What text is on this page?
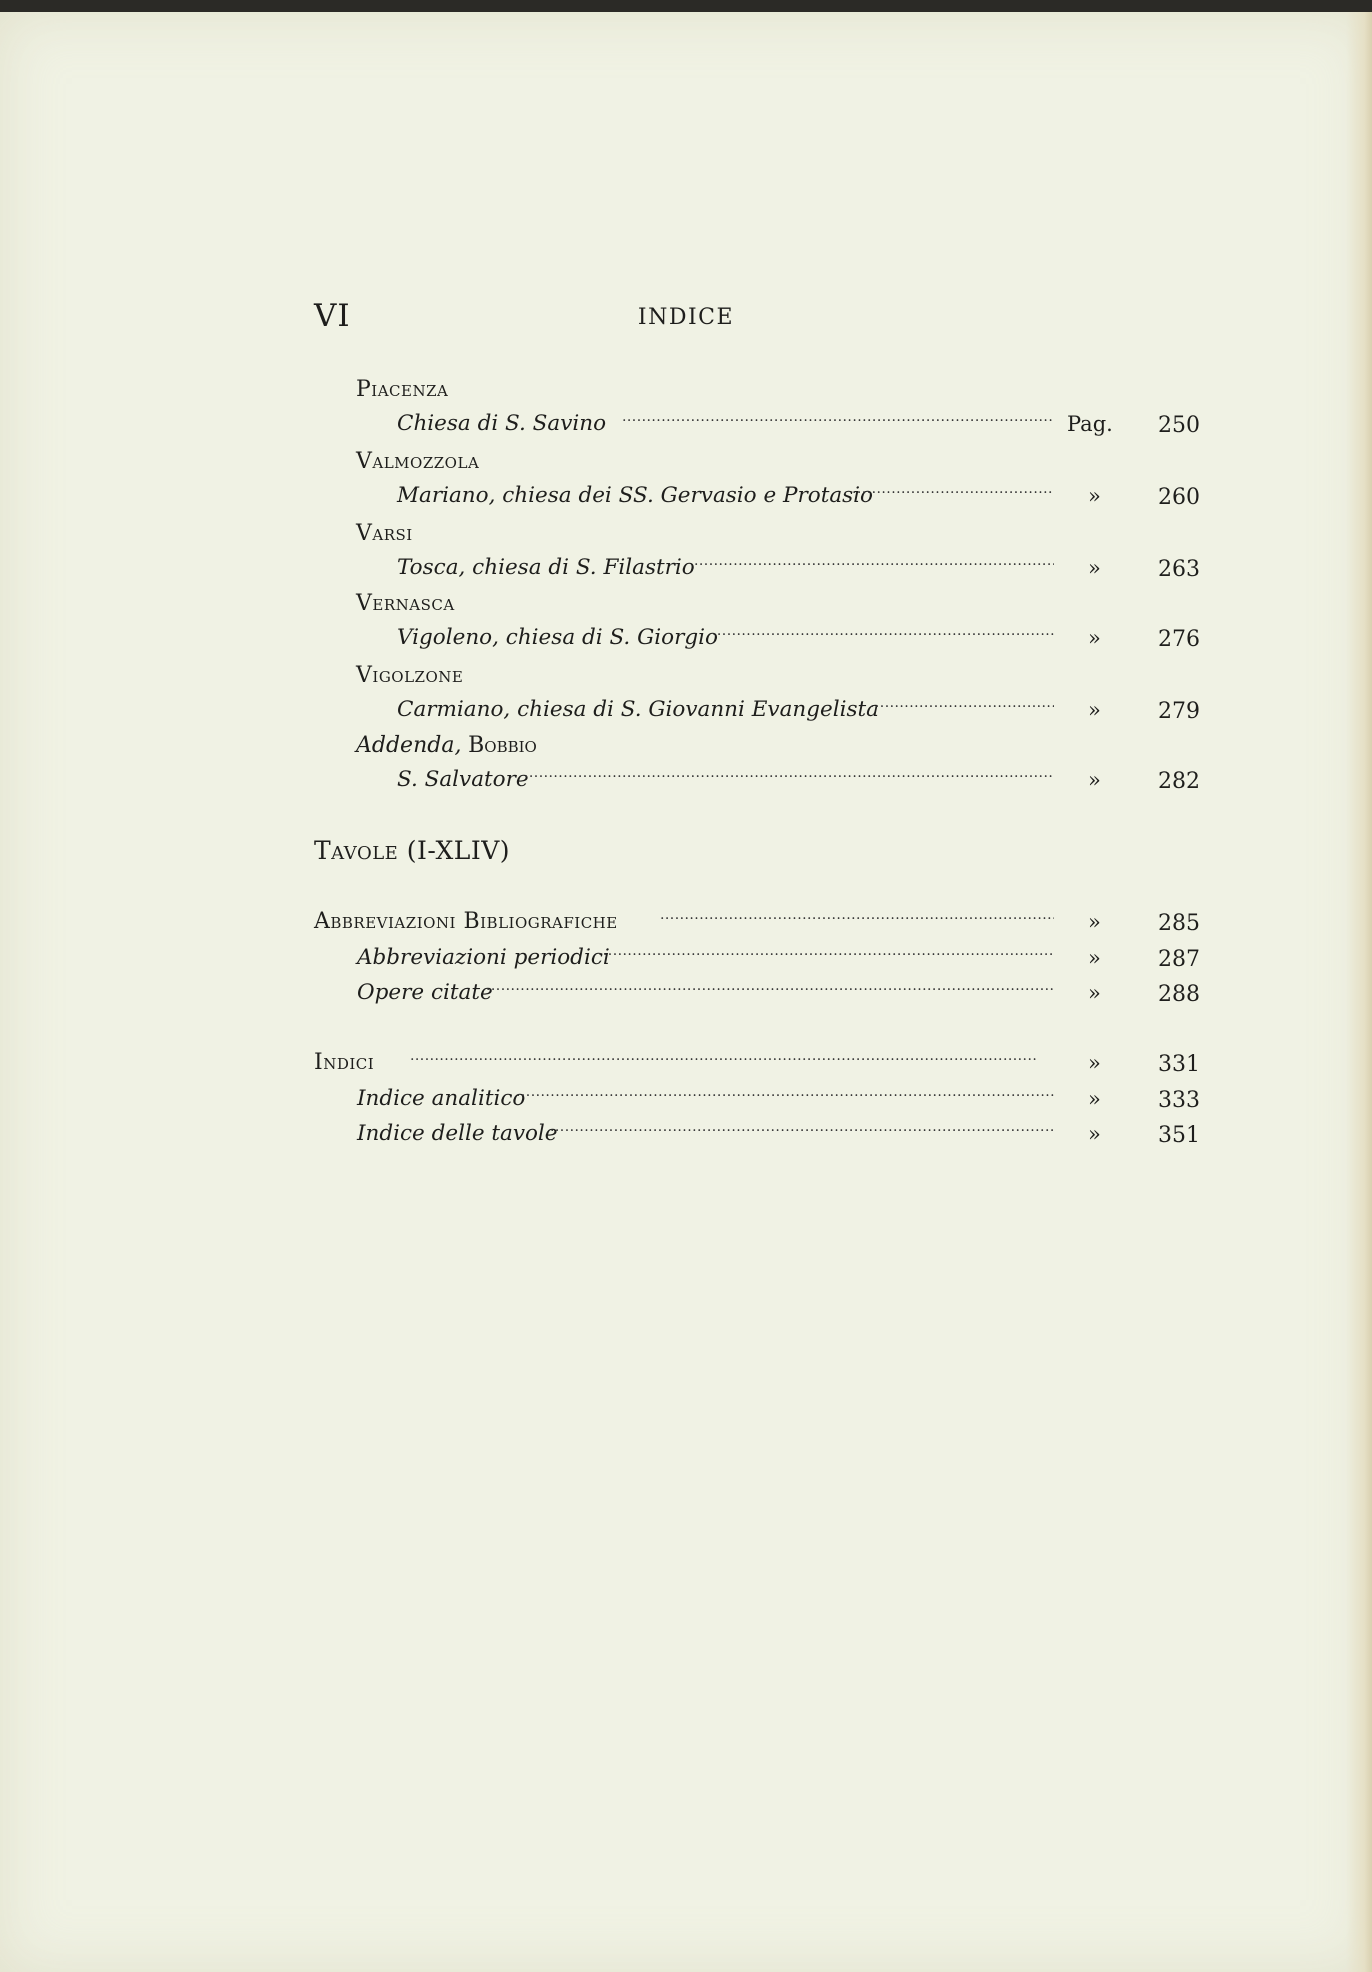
VI	INDICE
Piacenza
Chiesa di S. Savino . . .	Pag.	250
Valmozzola
Mariano, chiesa dei SS. Gervasio e Protasio . . .	»	260
Varsi
Tosca, chiesa di S. Filastrio . . .	»	263
Vernasca
Vigoleno, chiesa di S. Giorgio . . .	»	276
Vigolzone
Carmiano, chiesa di S. Giovanni Evangelista . . .	»	279
Addenda, Bobbio
S. Salvatore . . .	»	282
Tavole (I-XLIV)
Abbreviazioni Bibliografiche . . .	»	285
Abbreviazioni periodici . . .	»	287
Opere citate . . .	»	288
Indici . . .	»	331
Indice analitico . . .	»	333
Indice delle tavole . . .	»	351
